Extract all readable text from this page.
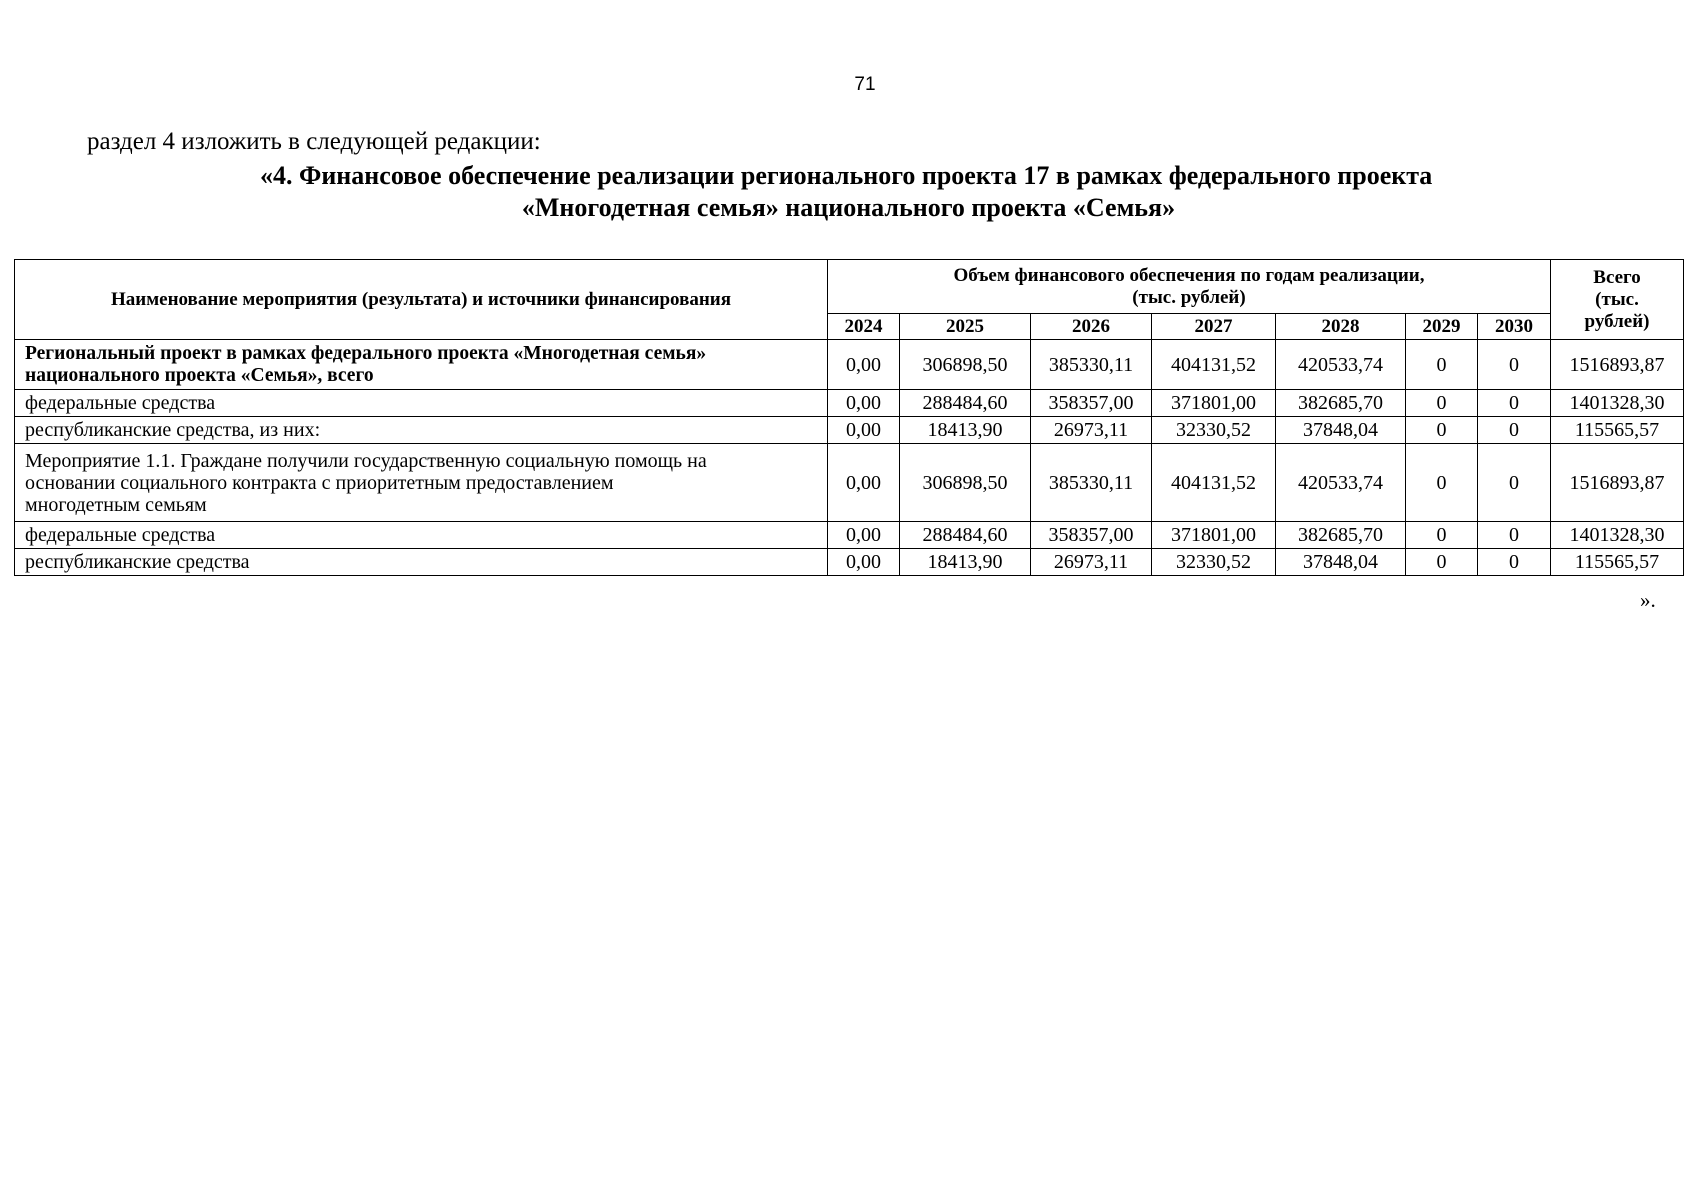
71
раздел 4 изложить в следующей редакции:
«4. Финансовое обеспечение реализации регионального проекта 17 в рамках федерального проекта
«Многодетная семья» национального проекта «Семья»
Наименование мероприятия (результата) и источники финансирования	Объем финансового обеспечения по годам реализации,
(тыс. рублей)							Всего
(тыс.
рублей)
	2024	2025	2026	2027	2028	2029	2030	
Региональный проект в рамках федерального проекта «Многодетная семья»
национального проекта «Семья», всего	0,00	306898,50	385330,11	404131,52	420533,74	0	0	1516893,87
федеральные средства	0,00	288484,60	358357,00	371801,00	382685,70	0	0	1401328,30
республиканские средства, из них:	0,00	18413,90	26973,11	32330,52	37848,04	0	0	115565,57
Мероприятие 1.1. Граждане получили государственную социальную помощь на
основании социального контракта с приоритетным предоставлением
многодетным семьям	0,00	306898,50	385330,11	404131,52	420533,74	0	0	1516893,87
федеральные средства	0,00	288484,60	358357,00	371801,00	382685,70	0	0	1401328,30
республиканские средства	0,00	18413,90	26973,11	32330,52	37848,04	0	0	115565,57
».
